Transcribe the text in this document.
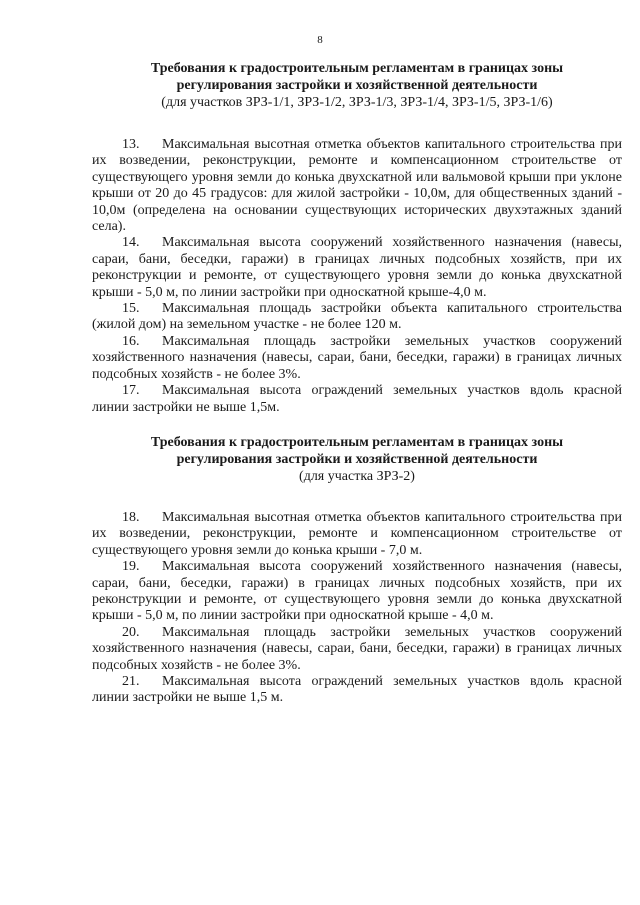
8
Требования к градостроительным регламентам в границах зоны
регулирования застройки и хозяйственной деятельности
(для участков ЗРЗ-1/1, ЗРЗ-1/2, ЗРЗ-1/3, ЗРЗ-1/4, ЗРЗ-1/5, ЗРЗ-1/6)
13. Максимальная высотная отметка объектов капитального строительства при их возведении, реконструкции, ремонте и компенсационном строительстве от существующего уровня земли до конька двухскатной или вальмовой крыши при уклоне крыши от 20 до 45 градусов: для жилой застройки - 10,0м, для общественных зданий - 10,0м (определена на основании существующих исторических двухэтажных зданий села).
14. Максимальная высота сооружений хозяйственного назначения (навесы, сараи, бани, беседки, гаражи) в границах личных подсобных хозяйств, при их реконструкции и ремонте, от существующего уровня земли до конька двухскатной крыши - 5,0 м, по линии застройки при односкатной крыше-4,0 м.
15. Максимальная площадь застройки объекта капитального строительства (жилой дом) на земельном участке - не более 120 м.
16. Максимальная площадь застройки земельных участков сооружений хозяйственного назначения (навесы, сараи, бани, беседки, гаражи) в границах личных подсобных хозяйств - не более 3%.
17. Максимальная высота ограждений земельных участков вдоль красной линии застройки не выше 1,5м.
Требования к градостроительным регламентам в границах зоны
регулирования застройки и хозяйственной деятельности
(для участка ЗРЗ-2)
18. Максимальная высотная отметка объектов капитального строительства при их возведении, реконструкции, ремонте и компенсационном строительстве от существующего уровня земли до конька крыши - 7,0 м.
19. Максимальная высота сооружений хозяйственного назначения (навесы, сараи, бани, беседки, гаражи) в границах личных подсобных хозяйств, при их реконструкции и ремонте, от существующего уровня земли до конька двухскатной крыши - 5,0 м, по линии застройки при односкатной крыше - 4,0 м.
20. Максимальная площадь застройки земельных участков сооружений хозяйственного назначения (навесы, сараи, бани, беседки, гаражи) в границах личных подсобных хозяйств - не более 3%.
21. Максимальная высота ограждений земельных участков вдоль красной линии застройки не выше 1,5 м.
